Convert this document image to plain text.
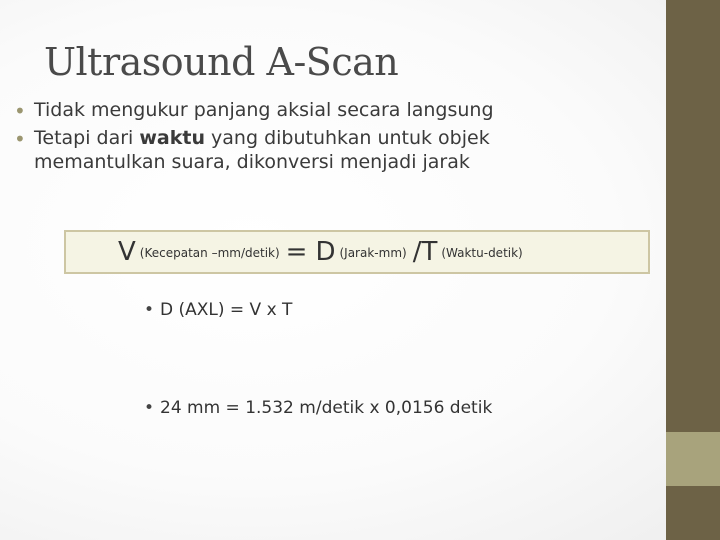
Ultrasound A-Scan
• Tidak mengukur panjang aksial secara langsung
• Tetapi dari waktu yang dibutuhkan untuk objek memantulkan suara, dikonversi menjadi jarak
V (Kecepatan –mm/detik) = D (Jarak-mm) /T (Waktu-detik)

• D (AXL) = V x T

• 24 mm = 1.532 m/detik x 0,0156 detik
